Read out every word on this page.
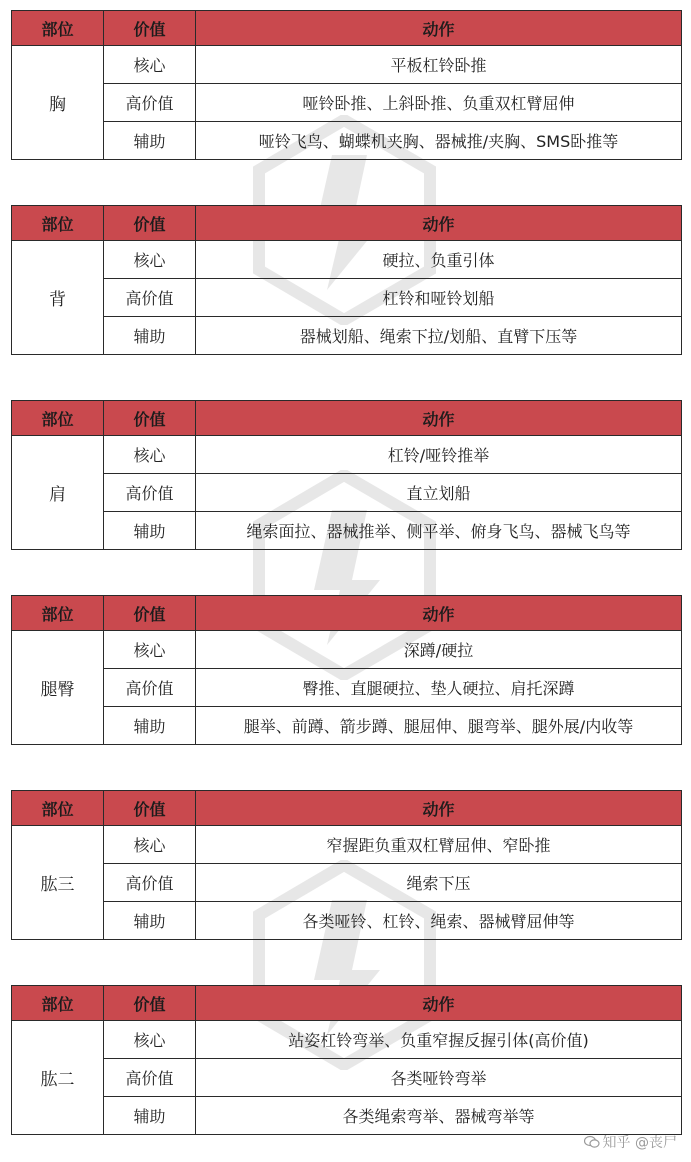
部位	价值	动作
胸	核心	平板杠铃卧推
	高价值	哑铃卧推、上斜卧推、负重双杠臂屈伸
	辅助	哑铃飞鸟、蝴蝶机夹胸、器械推/夹胸、SMS卧推等
部位	价值	动作
背	核心	硬拉、负重引体
	高价值	杠铃和哑铃划船
	辅助	器械划船、绳索下拉/划船、直臂下压等
部位	价值	动作
肩	核心	杠铃/哑铃推举
	高价值	直立划船
	辅助	绳索面拉、器械推举、侧平举、俯身飞鸟、器械飞鸟等
部位	价值	动作
腿臀	核心	深蹲/硬拉
	高价值	臀推、直腿硬拉、垫人硬拉、肩托深蹲
	辅助	腿举、前蹲、箭步蹲、腿屈伸、腿弯举、腿外展/内收等
部位	价值	动作
肱三	核心	窄握距负重双杠臂屈伸、窄卧推
	高价值	绳索下压
	辅助	各类哑铃、杠铃、绳索、器械臂屈伸等
部位	价值	动作
肱二	核心	站姿杠铃弯举、负重窄握反握引体(高价值)
	高价值	各类哑铃弯举
	辅助	各类绳索弯举、器械弯举等
知乎 @丧尸
